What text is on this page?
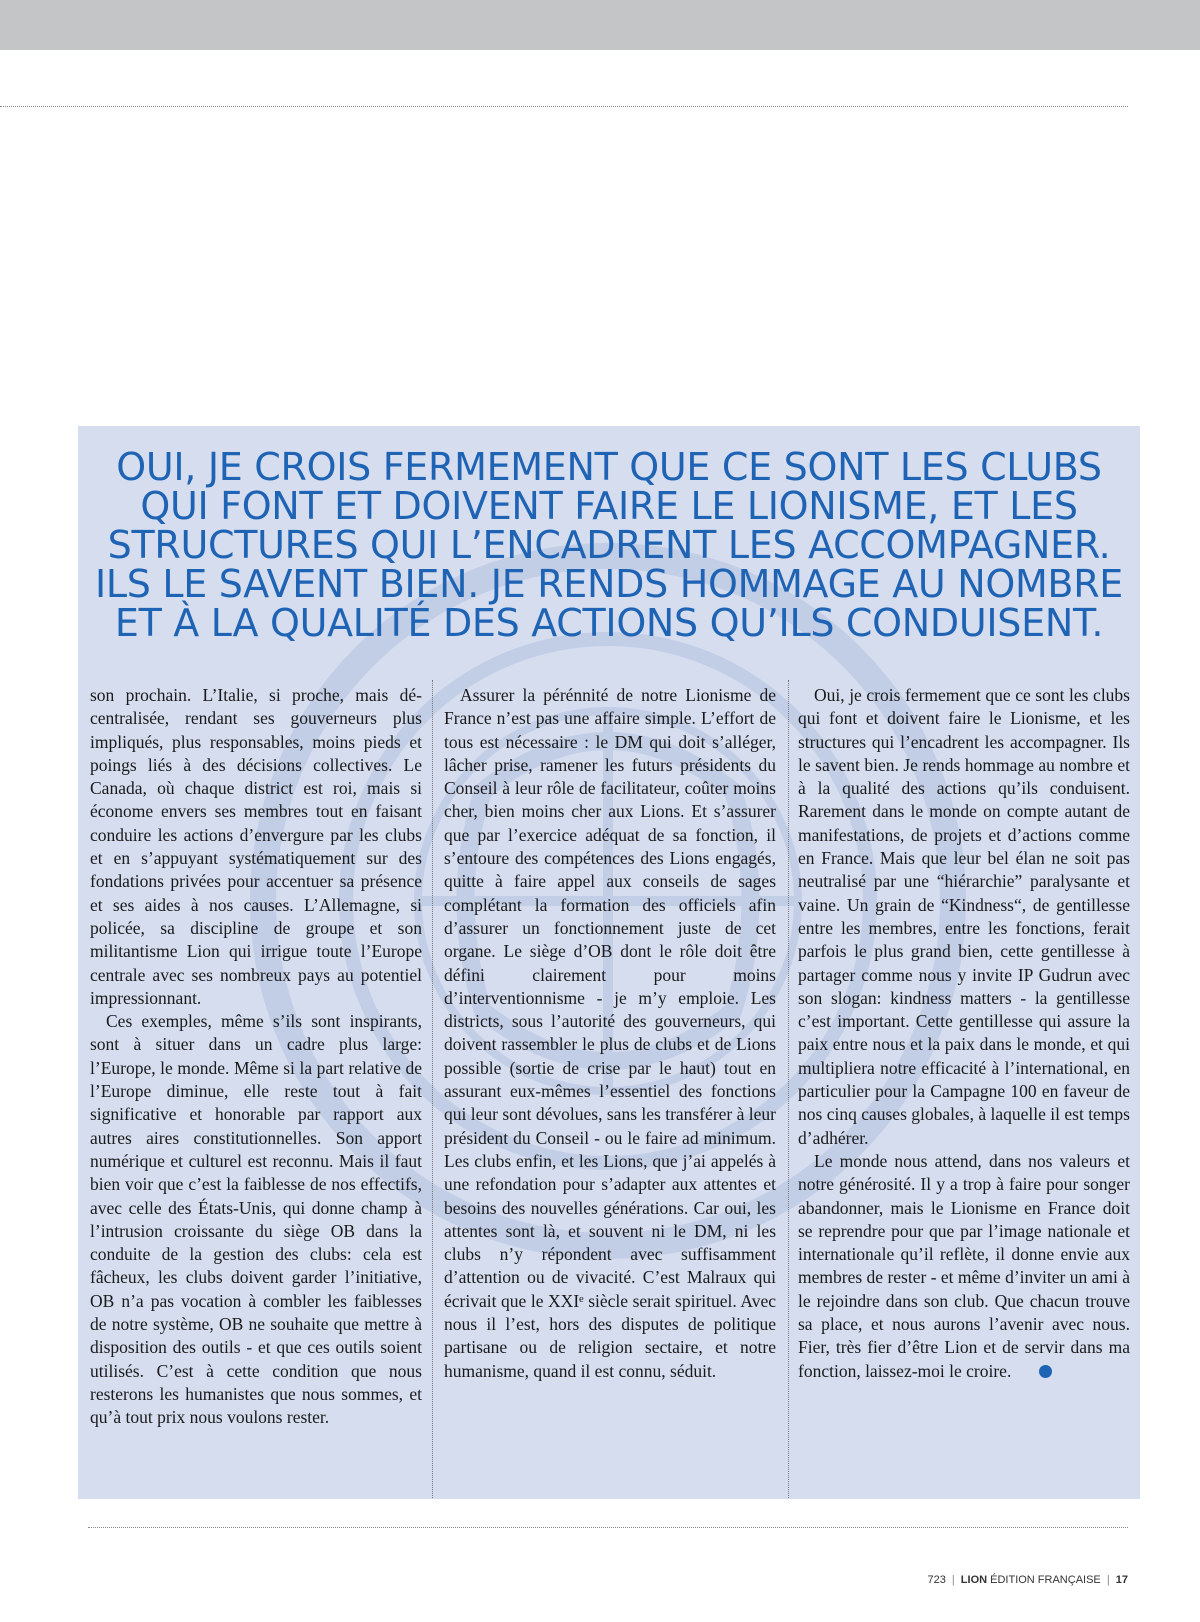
OUI, JE CROIS FERMEMENT QUE CE SONT LES CLUBS QUI FONT ET DOIVENT FAIRE LE LIONISME, ET LES STRUCTURES QUI L’ENCADRENT LES ACCOMPAGNER. ILS LE SAVENT BIEN. JE RENDS HOMMAGE AU NOMBRE ET À LA QUALITÉ DES ACTIONS QU’ILS CONDUISENT.

son prochain. L’Italie, si proche, mais décentralisée, rendant ses gouverneurs plus impliqués, plus responsables, moins pieds et poings liés à des décisions collectives. Le Canada, où chaque district est roi, mais si économe envers ses membres tout en faisant conduire les actions d’envergure par les clubs et en s’appuyant systématiquement sur des fondations privées pour accentuer sa présence et ses aides à nos causes. L’Allemagne, si policée, sa discipline de groupe et son militantisme Lion qui irrigue toute l’Europe centrale avec ses nombreux pays au potentiel impressionnant.

Ces exemples, même s’ils sont inspirants, sont à situer dans un cadre plus large: l’Europe, le monde. Même si la part relative de l’Europe diminue, elle reste tout à fait significative et honorable par rapport aux autres aires constitutionnelles. Son apport numérique et culturel est reconnu. Mais il faut bien voir que c’est la faiblesse de nos effectifs, avec celle des États-Unis, qui donne champ à l’intrusion croissante du siège OB dans la conduite de la gestion des clubs: cela est fâcheux, les clubs doivent garder l’initiative, OB n’a pas vocation à combler les faiblesses de notre système, OB ne souhaite que mettre à disposition des outils - et que ces outils soient utilisés. C’est à cette condition que nous resterons les humanistes que nous sommes, et qu’à tout prix nous voulons rester.

Assurer la pérénnité de notre Lionisme de France n’est pas une affaire simple. L’effort de tous est nécessaire : le DM qui doit s’alléger, lâcher prise, ramener les futurs présidents du Conseil à leur rôle de facilitateur, coûter moins cher, bien moins cher aux Lions. Et s’assurer que par l’exercice adéquat de sa fonction, il s’entoure des compétences des Lions engagés, quitte à faire appel aux conseils de sages complétant la formation des officiels afin d’assurer un fonctionnement juste de cet organe. Le siège d’OB dont le rôle doit être défini clairement pour moins d’interventionnisme - je m’y emploie. Les districts, sous l’autorité des gouverneurs, qui doivent rassembler le plus de clubs et de Lions possible (sortie de crise par le haut) tout en assurant eux-mêmes l’essentiel des fonctions qui leur sont dévolues, sans les transférer à leur président du Conseil - ou le faire ad minimum. Les clubs enfin, et les Lions, que j’ai appelés à une refondation pour s’adapter aux attentes et besoins des nouvelles générations. Car oui, les attentes sont là, et souvent ni le DM, ni les clubs n’y répondent avec suffisamment d’attention ou de vivacité. C’est Malraux qui écrivait que le XXIᵉ siècle serait spirituel. Avec nous il l’est, hors des disputes de politique partisane ou de religion sectaire, et notre humanisme, quand il est connu, séduit.

Oui, je crois fermement que ce sont les clubs qui font et doivent faire le Lionisme, et les structures qui l’encadrent les accompagner. Ils le savent bien. Je rends hommage au nombre et à la qualité des actions qu’ils conduisent. Rarement dans le monde on compte autant de manifestations, de projets et d’actions comme en France. Mais que leur bel élan ne soit pas neutralisé par une “hiérarchie” paralysante et vaine. Un grain de “Kindness“, de gentillesse entre les membres, entre les fonctions, ferait parfois le plus grand bien, cette gentillesse à partager comme nous y invite IP Gudrun avec son slogan: kindness matters - la gentillesse c’est important. Cette gentillesse qui assure la paix entre nous et la paix dans le monde, et qui multipliera notre efficacité à l’international, en particulier pour la Campagne 100 en faveur de nos cinq causes globales, à laquelle il est temps d’adhérer.

Le monde nous attend, dans nos valeurs et notre générosité. Il y a trop à faire pour songer abandonner, mais le Lionisme en France doit se reprendre pour que par l’image nationale et internationale qu’il reflète, il donne envie aux membres de rester - et même d’inviter un ami à le rejoindre dans son club. Que chacun trouve sa place, et nous aurons l’avenir avec nous. Fier, très fier d’être Lion et de servir dans ma fonction, laissez-moi le croire.

723 | LION ÉDITION FRANÇAISE | 17
